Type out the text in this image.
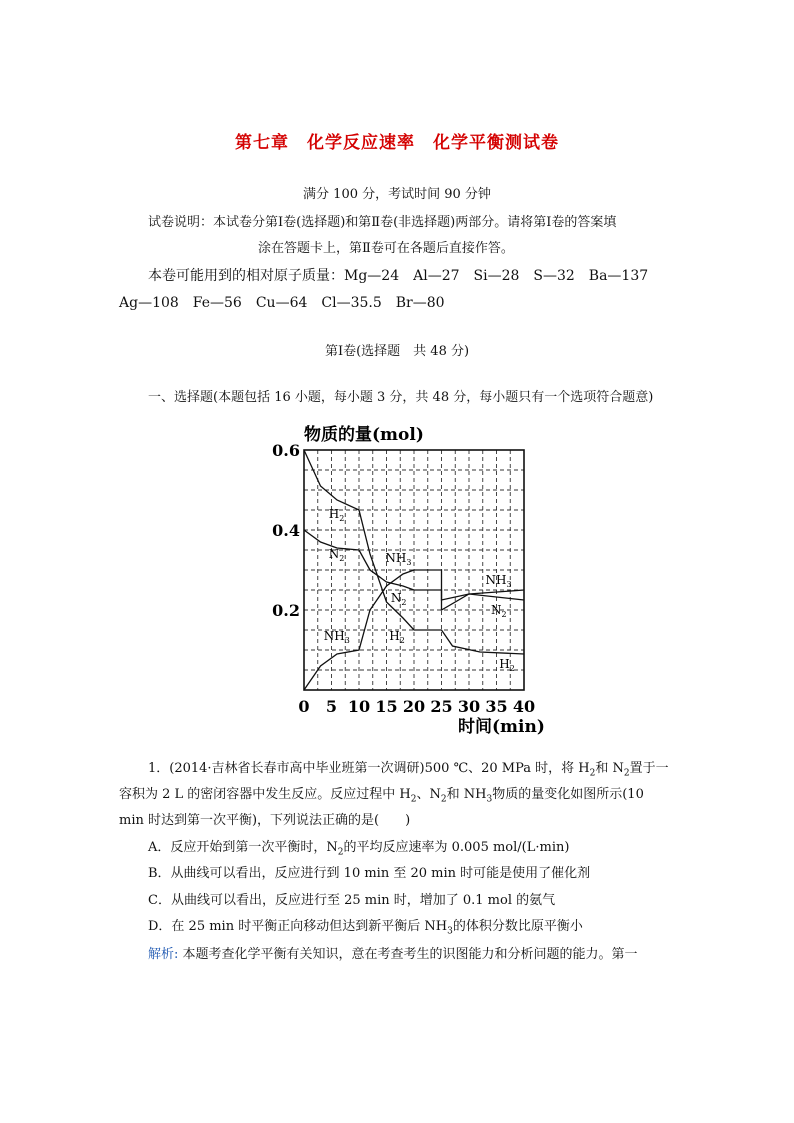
第七章　化学反应速率　化学平衡测试卷
满分 100 分，考试时间 90 分钟
试卷说明：本试卷分第Ⅰ卷(选择题)和第Ⅱ卷(非选择题)两部分。请将第Ⅰ卷的答案填
涂在答题卡上，第Ⅱ卷可在各题后直接作答。
本卷可能用到的相对原子质量：Mg—24　Al—27　Si—28　S—32　Ba—137
Ag—108　Fe—56　Cu—64　Cl—35.5　Br—80
第Ⅰ卷(选择题　共 48 分)
一、选择题(本题包括 16 小题，每小题 3 分，共 48 分，每小题只有一个选项符合题意)
0 5 10 15 20 25 30 35 40
0.2
0.4
0.6
$H_2$
$N_2$	$NH_3$
$N_2$
$NH_3$	$H_2$
$NH_3$
$N_2$
$H_2$
物质的量(mol)
时间(min)
1．(2014·吉林省长春市高中毕业班第一次调研)500 ℃、20 MPa 时，将 $H_2$和 $N_2$置于一
容积为 2 L 的密闭容器中发生反应。反应过程中 $H_2$、$N_2$和 $NH_3$物质的量变化如图所示(10
min 时达到第一次平衡)，下列说法正确的是(　　)
A．反应开始到第一次平衡时，$N_2$的平均反应速率为 0.005 mol/(L·min)
B．从曲线可以看出，反应进行到 10 min 至 20 min 时可能是使用了催化剂
C．从曲线可以看出，反应进行至 25 min 时，增加了 0.1 mol 的氨气
D．在 25 min 时平衡正向移动但达到新平衡后 $NH_3$的体积分数比原平衡小
解析: 本题考查化学平衡有关知识，意在考查考生的识图能力和分析问题的能力。第一
